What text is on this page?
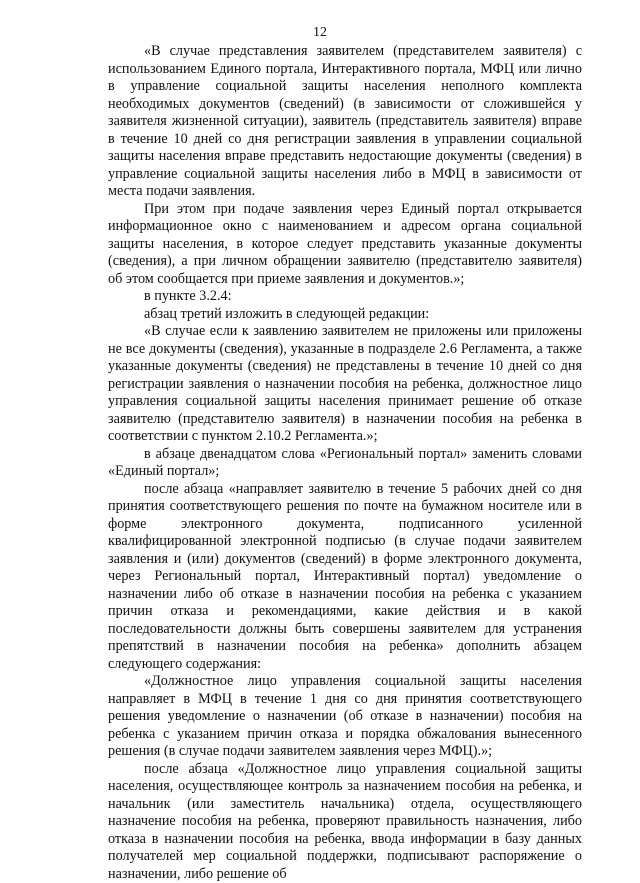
12

«В случае представления заявителем (представителем заявителя) с использованием Единого портала, Интерактивного портала, МФЦ или лично в управление социальной защиты населения неполного комплекта необходимых документов (сведений) (в зависимости от сложившейся у заявителя жизненной ситуации), заявитель (представитель заявителя) вправе в течение 10 дней со дня регистрации заявления в управлении социальной защиты населения вправе представить недостающие документы (сведения) в управление социальной защиты населения либо в МФЦ в зависимости от места подачи заявления.

При этом при подаче заявления через Единый портал открывается информационное окно с наименованием и адресом органа социальной защиты населения, в которое следует представить указанные документы (сведения), а при личном обращении заявителю (представителю заявителя) об этом сообщается при приеме заявления и документов.»;

в пункте 3.2.4:

абзац третий изложить в следующей редакции:

«В случае если к заявлению заявителем не приложены или приложены не все документы (сведения), указанные в подразделе 2.6 Регламента, а также указанные документы (сведения) не представлены в течение 10 дней со дня регистрации заявления о назначении пособия на ребенка, должностное лицо управления социальной защиты населения принимает решение об отказе заявителю (представителю заявителя) в назначении пособия на ребенка в соответствии с пунктом 2.10.2 Регламента.»;

в абзаце двенадцатом слова «Региональный портал» заменить словами «Единый портал»;

после абзаца «направляет заявителю в течение 5 рабочих дней со дня принятия соответствующего решения по почте на бумажном носителе или в форме электронного документа, подписанного усиленной квалифицированной электронной подписью (в случае подачи заявителем заявления и (или) документов (сведений) в форме электронного документа, через Региональный портал, Интерактивный портал) уведомление о назначении либо об отказе в назначении пособия на ребенка с указанием причин отказа и рекомендациями, какие действия и в какой последовательности должны быть совершены заявителем для устранения препятствий в назначении пособия на ребенка» дополнить абзацем следующего содержания:

«Должностное лицо управления социальной защиты населения направляет в МФЦ в течение 1 дня со дня принятия соответствующего решения уведомление о назначении (об отказе в назначении) пособия на ребенка с указанием причин отказа и порядка обжалования вынесенного решения (в случае подачи заявителем заявления через МФЦ).»;

после абзаца «Должностное лицо управления социальной защиты населения, осуществляющее контроль за назначением пособия на ребенка, и начальник (или заместитель начальника) отдела, осуществляющего назначение пособия на ребенка, проверяют правильность назначения, либо отказа в назначении пособия на ребенка, ввода информации в базу данных получателей мер социальной поддержки, подписывают распоряжение о назначении, либо решение об
